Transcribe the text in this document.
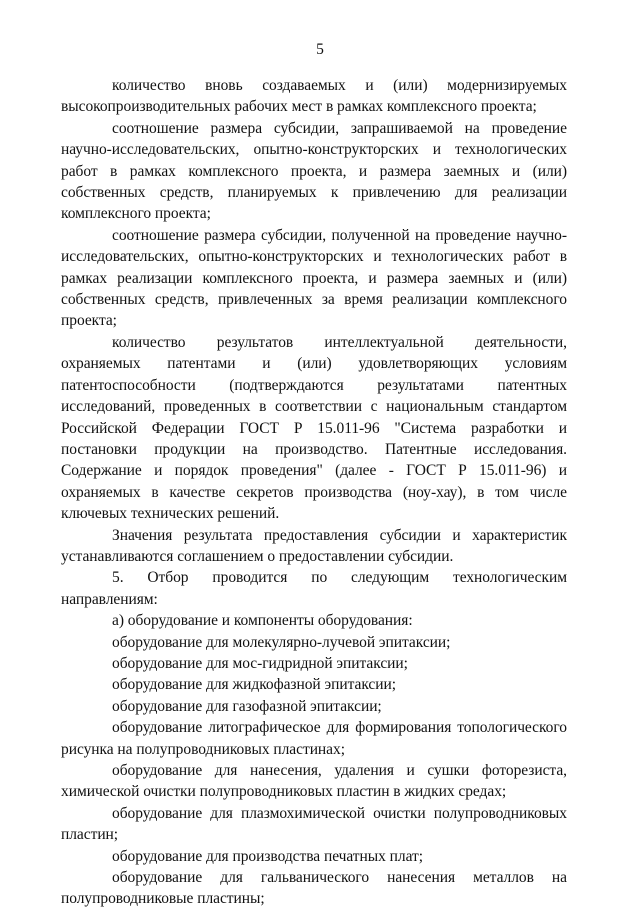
5

количество вновь создаваемых и (или) модернизируемых высокопроизводительных рабочих мест в рамках комплексного проекта;

соотношение размера субсидии, запрашиваемой на проведение научно-исследовательских, опытно-конструкторских и технологических работ в рамках комплексного проекта, и размера заемных и (или) собственных средств, планируемых к привлечению для реализации комплексного проекта;

соотношение размера субсидии, полученной на проведение научно-исследовательских, опытно-конструкторских и технологических работ в рамках реализации комплексного проекта, и размера заемных и (или) собственных средств, привлеченных за время реализации комплексного проекта;

количество результатов интеллектуальной деятельности, охраняемых патентами и (или) удовлетворяющих условиям патентоспособности (подтверждаются результатами патентных исследований, проведенных в соответствии с национальным стандартом Российской Федерации ГОСТ Р 15.011-96 "Система разработки и постановки продукции на производство. Патентные исследования. Содержание и порядок проведения" (далее - ГОСТ Р 15.011-96) и охраняемых в качестве секретов производства (ноу-хау), в том числе ключевых технических решений.

Значения результата предоставления субсидии и характеристик устанавливаются соглашением о предоставлении субсидии.

5. Отбор проводится по следующим технологическим направлениям:

а) оборудование и компоненты оборудования:

оборудование для молекулярно-лучевой эпитаксии;

оборудование для мос-гидридной эпитаксии;

оборудование для жидкофазной эпитаксии;

оборудование для газофазной эпитаксии;

оборудование литографическое для формирования топологического рисунка на полупроводниковых пластинах;

оборудование для нанесения, удаления и сушки фоторезиста, химической очистки полупроводниковых пластин в жидких средах;

оборудование для плазмохимической очистки полупроводниковых пластин;

оборудование для производства печатных плат;

оборудование для гальванического нанесения металлов на полупроводниковые пластины;
